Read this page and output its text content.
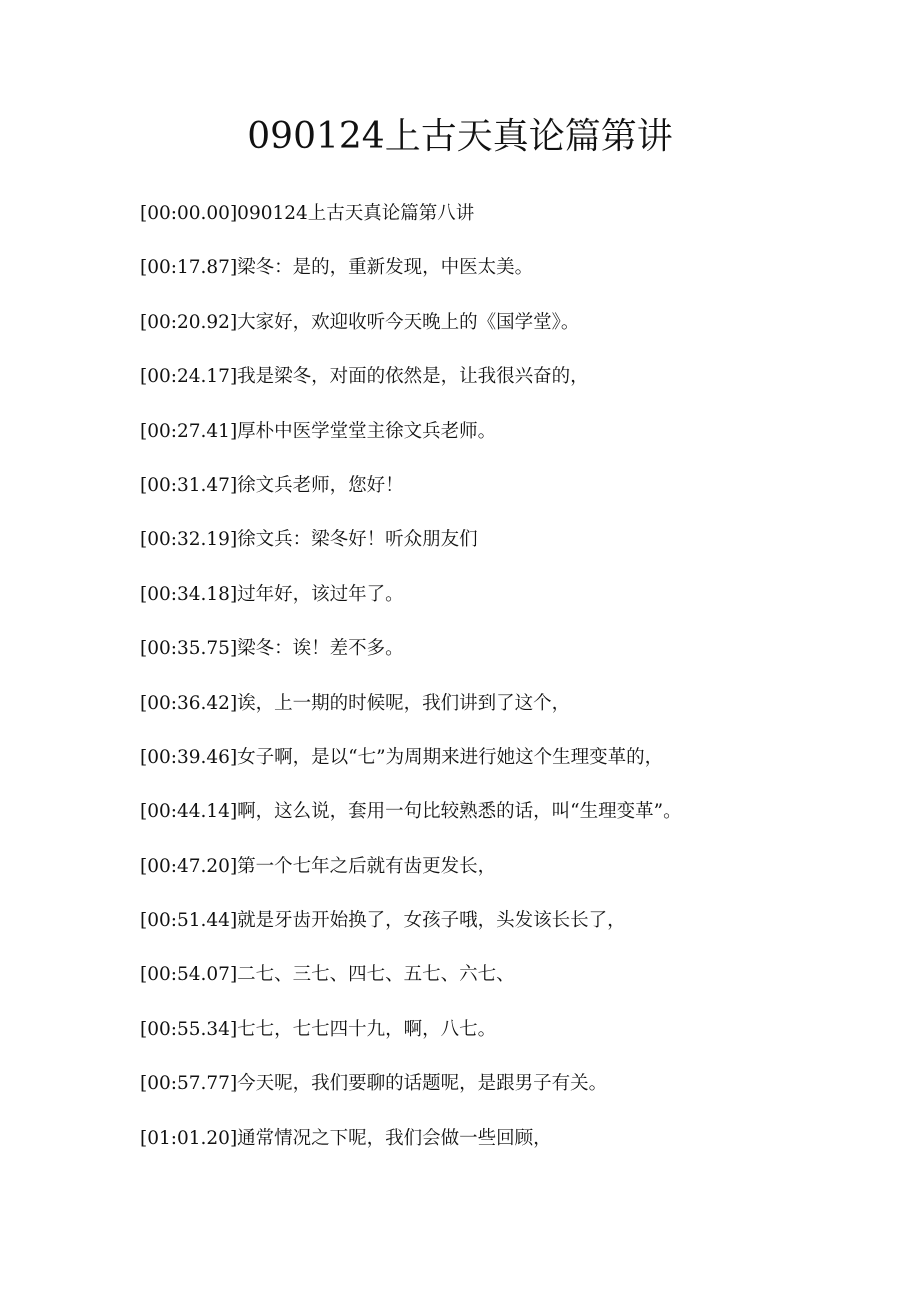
090124上古天真论篇第讲
[00:00.00]090124上古天真论篇第八讲
[00:17.87]梁冬：是的，重新发现，中医太美。
[00:20.92]大家好，欢迎收听今天晚上的《国学堂》。
[00:24.17]我是梁冬，对面的依然是，让我很兴奋的，
[00:27.41]厚朴中医学堂堂主徐文兵老师。
[00:31.47]徐文兵老师，您好！
[00:32.19]徐文兵：梁冬好！听众朋友们
[00:34.18]过年好，该过年了。
[00:35.75]梁冬：诶！差不多。
[00:36.42]诶，上一期的时候呢，我们讲到了这个，
[00:39.46]女子啊，是以“七”为周期来进行她这个生理变革的，
[00:44.14]啊，这么说，套用一句比较熟悉的话，叫“生理变革”。
[00:47.20]第一个七年之后就有齿更发长，
[00:51.44]就是牙齿开始换了，女孩子哦，头发该长长了，
[00:54.07]二七、三七、四七、五七、六七、
[00:55.34]七七，七七四十九，啊，八七。
[00:57.77]今天呢，我们要聊的话题呢，是跟男子有关。
[01:01.20]通常情况之下呢，我们会做一些回顾，
